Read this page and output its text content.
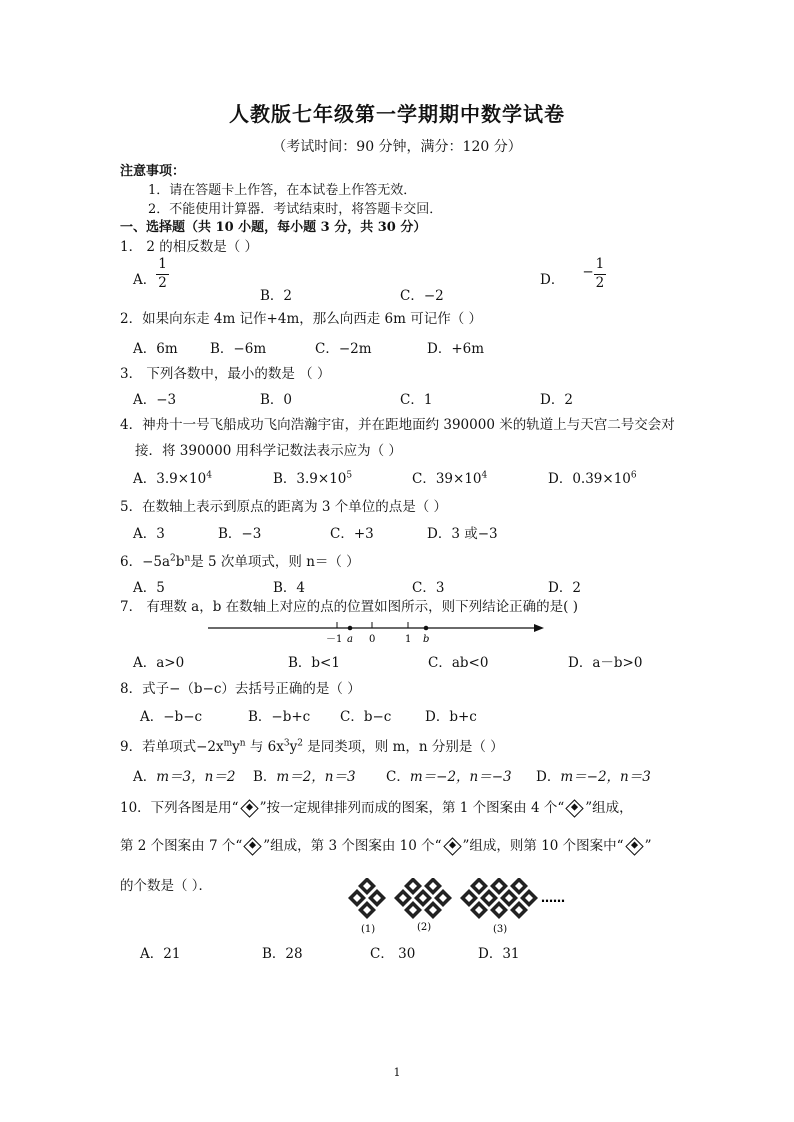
人教版七年级第一学期期中数学试卷
（考试时间：90 分钟，满分：120 分）
注意事项：
1．请在答题卡上作答，在本试卷上作答无效．
2．不能使用计算器．考试结束时，将答题卡交回．
一、选择题（共 10 小题，每小题 3 分，共 30 分）
1． 2 的相反数是（ ）
A． $\frac{1}{2}$
B．2	C．−2
D． − $\frac{1}{2}$
2．如果向东走 4m 记作+4m，那么向西走 6m 可记作（ ）
A．6m B．−6m	C．−2m	D．+6m
3． 下列各数中，最小的数是 （ ）
A．−3	B．0	C．1	D．2
4．神舟十一号飞船成功飞向浩瀚宇宙，并在距地面约 390000 米的轨道上与天宫二号交会对
接．将 390000 用科学记数法表示应为（ ）
A．$3.9\times 10^4$	B．$3.9\times 10^5$	C．$39\times 10^4$	D．$0.39\times 10^6$
5．在数轴上表示到原点的距离为 3 个单位的点是（ ）
A．3	B．−3	C．+3	D．3 或−3
6．$-5a^2b^n$是 5 次单项式，则 n＝（ ）
A．5	B．4	C．3	D．2
7． 有理数 a，b 在数轴上对应的点的位置如图所示，则下列结论正确的是( )
－1 a 0	1 b
A．a>0	B．b<1	C．ab<0	D．a－b>0
8．式子−（b−c）去括号正确的是（ ）
A．−b−c	B．−b+c C．b−c D．b+c
9．若单项式$-2x^my^n$ 与 $6x^3y^2$ 是同类项，则 m，n 分别是（ ）
A．m＝3，n＝2 B．m＝2，n＝3 C．m＝−2，n＝−3 D．m＝−2，n＝3
10．下列各图是用“ ”按一定规律排列而成的图案，第 1 个图案由 4 个“ ”组成，
第 2 个图案由 7 个“ ”组成，第 3 个图案由 10 个“ ”组成，则第 10 个图案中“ ”
的个数是（ ）．
……
(1)	(2)	(3)
A．21	B．28	C． 30	D．31
1
